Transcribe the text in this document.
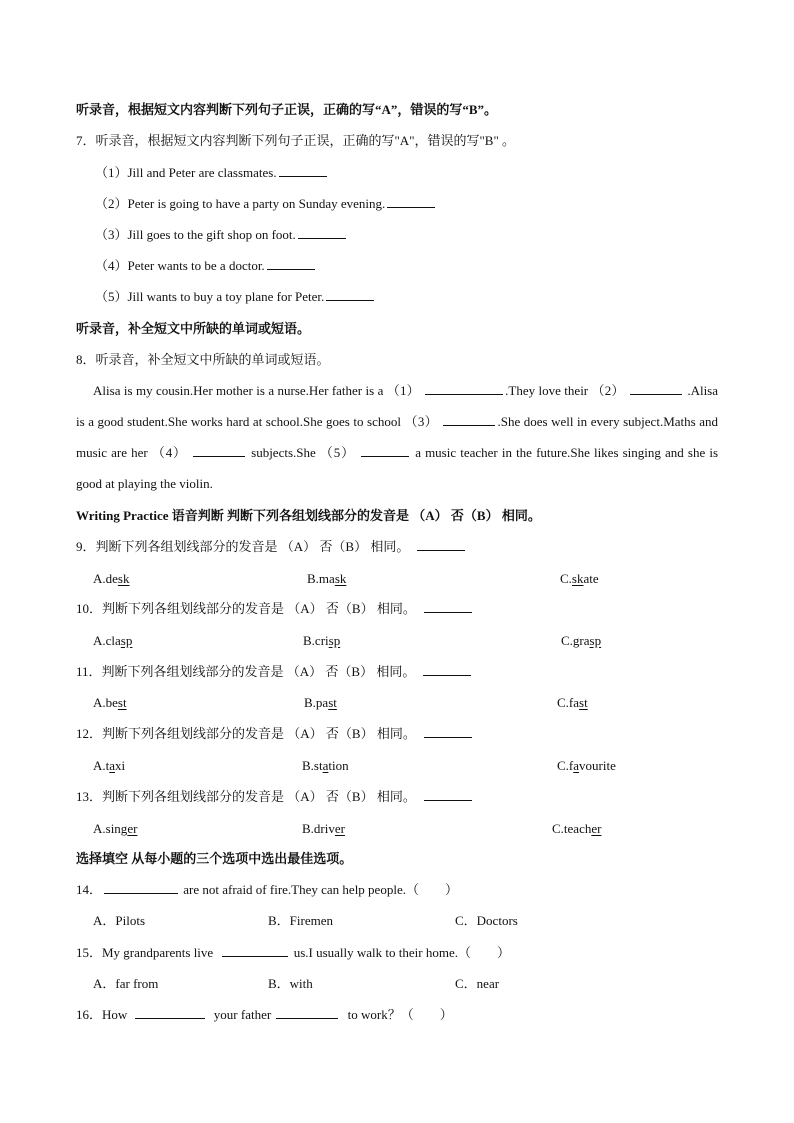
听录音，根据短文内容判断下列句子正误，正确的写“A”，错误的写“B”。
7．听录音，根据短文内容判断下列句子正误，正确的写"A"，错误的写"B" 。
（1）Jill and Peter are classmates.
（2）Peter is going to have a party on Sunday evening.
（3）Jill goes to the gift shop on foot.
（4）Peter wants to be a doctor.
（5）Jill wants to buy a toy plane for Peter.
听录音，补全短文中所缺的单词或短语。
8．听录音，补全短文中所缺的单词或短语。
Alisa is my cousin.Her mother is a nurse.Her father is a （1）	.They love their （2）	.Alisa is a good student.She works hard at school.She goes to school （3）	.She does well in every subject.Maths and music are her （4）	subjects.She （5）	a music teacher in the future.She likes singing and she is good at playing the violin.
Writing Practice 语音判断 判断下列各组划线部分的发音是 （A） 否（B） 相同。
9．判断下列各组划线部分的发音是 （A） 否（B） 相同。
A.desk	B.mask	C.skate
10．判断下列各组划线部分的发音是 （A） 否（B） 相同。
A.clasp	B.crisp	C.grasp
11．判断下列各组划线部分的发音是 （A） 否（B） 相同。
A.best	B.past	C.fast
12．判断下列各组划线部分的发音是 （A） 否（B） 相同。
A.taxi	B.station	C.favourite
13．判断下列各组划线部分的发音是 （A） 否（B） 相同。
A.singer	B.driver	C.teacher
选择填空 从每小题的三个选项中选出最佳选项。
14．	are not afraid of fire.They can help people.（　　）
A．Pilots	B．Firemen	C．Doctors
15．My grandparents live	us.I usually walk to their home.（　　）
A．far from	B．with	C．near
16．How	your father	to work？（　　）
